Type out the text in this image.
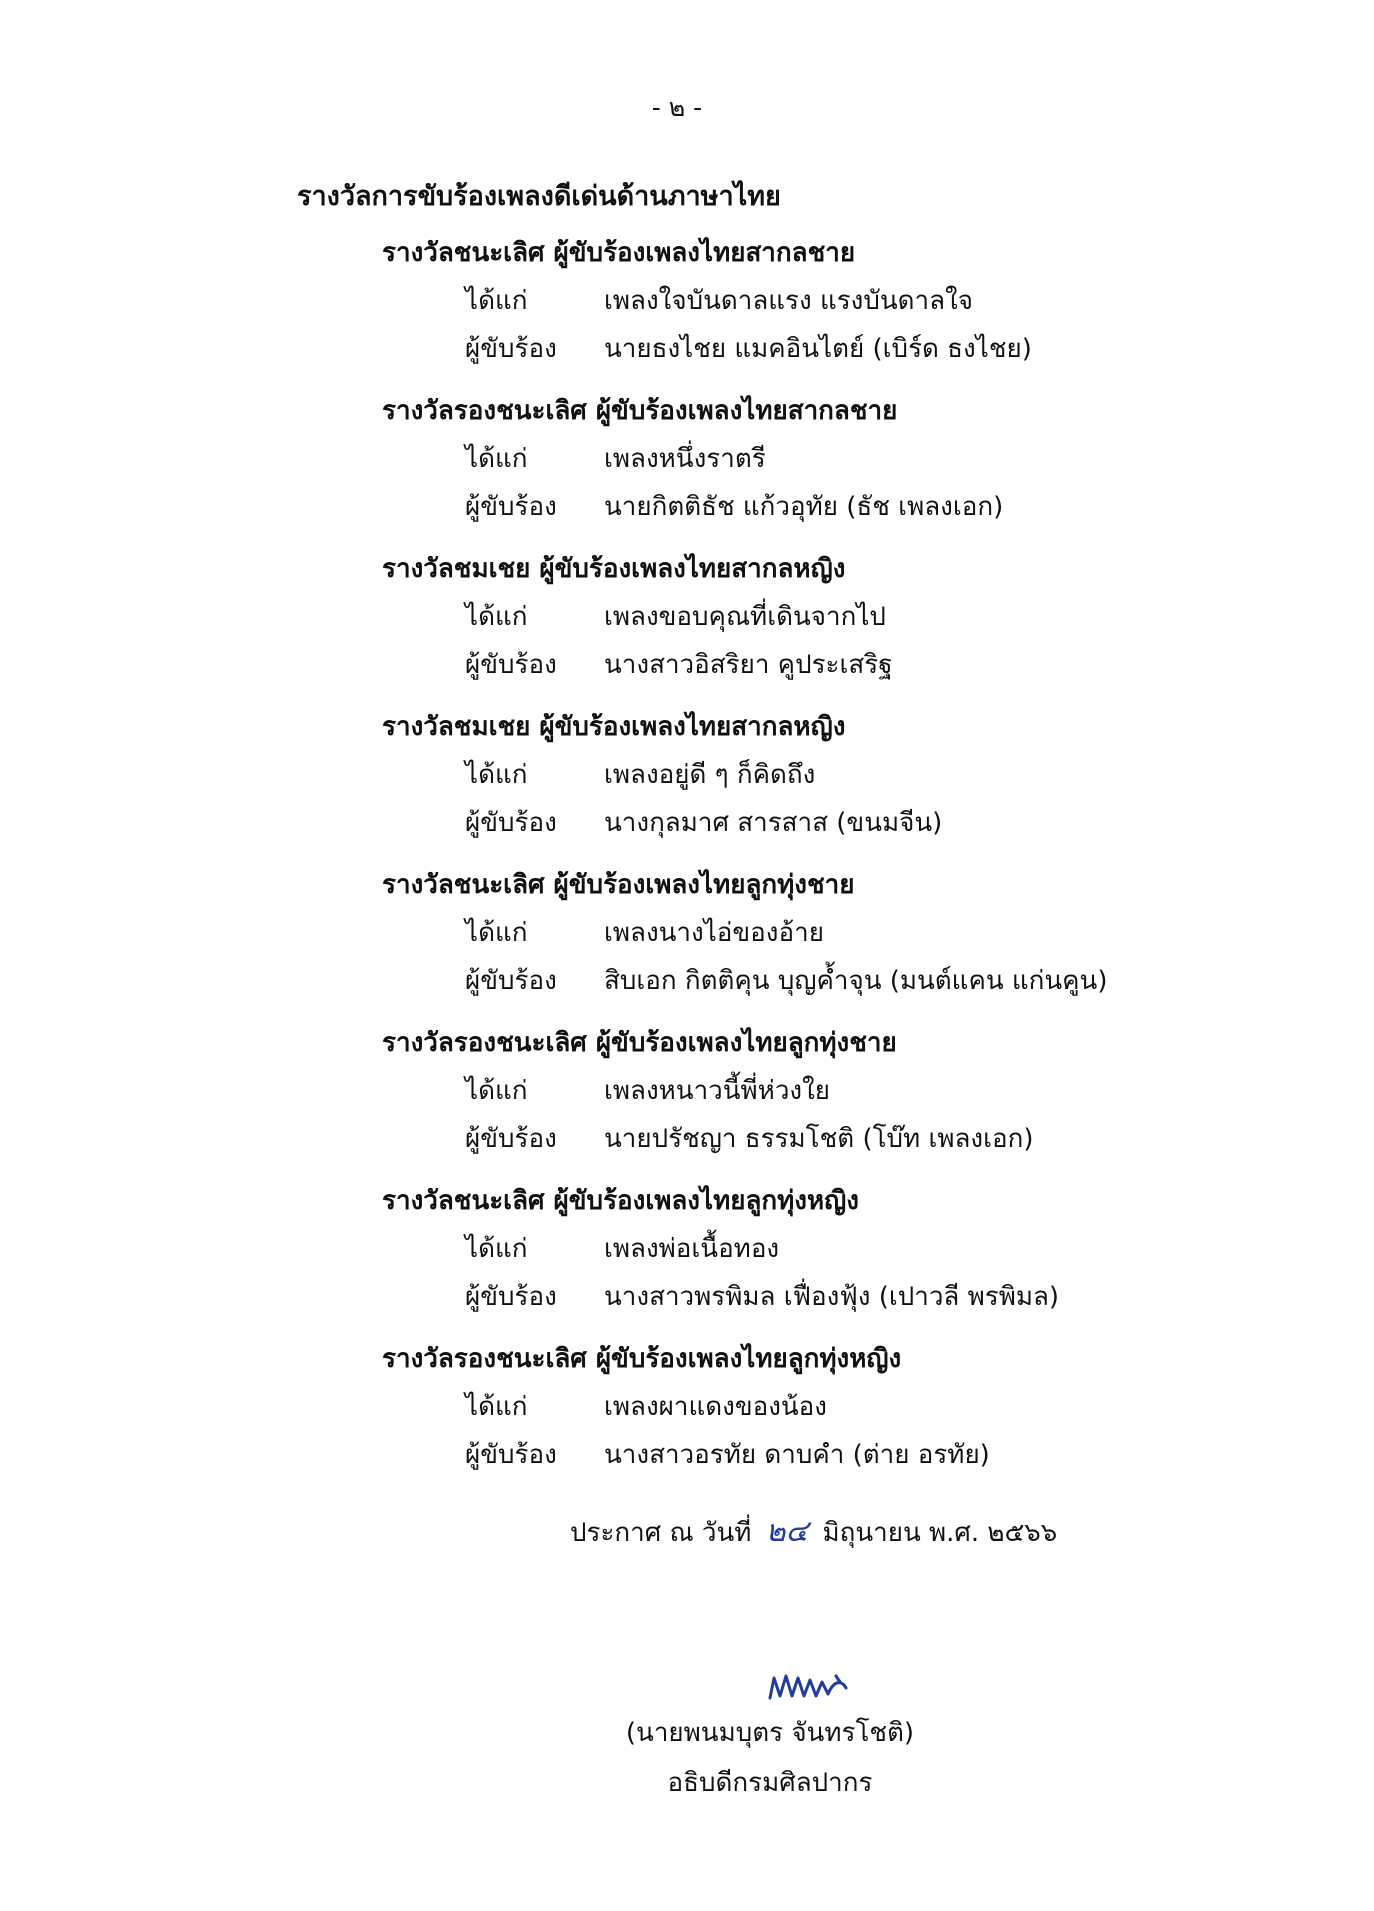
- ๒ -
รางวัลการขับร้องเพลงดีเด่นด้านภาษาไทย
รางวัลชนะเลิศ ผู้ขับร้องเพลงไทยสากลชาย
ได้แก่	เพลงใจบันดาลแรง แรงบันดาลใจ
ผู้ขับร้อง นายธงไชย แมคอินไตย์ (เบิร์ด ธงไชย)
รางวัลรองชนะเลิศ ผู้ขับร้องเพลงไทยสากลชาย
ได้แก่	เพลงหนึ่งราตรี
ผู้ขับร้อง นายกิตติธัช แก้วอุทัย (ธัช เพลงเอก)
รางวัลชมเชย ผู้ขับร้องเพลงไทยสากลหญิง
ได้แก่	เพลงขอบคุณที่เดินจากไป
ผู้ขับร้อง นางสาวอิสริยา คูประเสริฐ
รางวัลชมเชย ผู้ขับร้องเพลงไทยสากลหญิง
ได้แก่	เพลงอยู่ดี ๆ ก็คิดถึง
ผู้ขับร้อง นางกุลมาศ สารสาส (ขนมจีน)
รางวัลชนะเลิศ ผู้ขับร้องเพลงไทยลูกทุ่งชาย
ได้แก่	เพลงนางไอ่ของอ้าย
ผู้ขับร้อง สิบเอก กิตติคุน บุญค้ำจุน (มนต์แคน แก่นคูน)
รางวัลรองชนะเลิศ ผู้ขับร้องเพลงไทยลูกทุ่งชาย
ได้แก่	เพลงหนาวนี้พี่ห่วงใย
ผู้ขับร้อง นายปรัชญา ธรรมโชติ (โบ๊ท เพลงเอก)
รางวัลชนะเลิศ ผู้ขับร้องเพลงไทยลูกทุ่งหญิง
ได้แก่	เพลงพ่อเนื้อทอง
ผู้ขับร้อง นางสาวพรพิมล เฟื่องฟุ้ง (เปาวลี พรพิมล)
รางวัลรองชนะเลิศ ผู้ขับร้องเพลงไทยลูกทุ่งหญิง
ได้แก่	เพลงผาแดงของน้อง
ผู้ขับร้อง นางสาวอรทัย ดาบคำ (ต่าย อรทัย)
ประกาศ ณ วันที่ ๒๔ มิถุนายน พ.ศ. ๒๕๖๖
(นายพนมบุตร จันทรโชติ)
อธิบดีกรมศิลปากร
